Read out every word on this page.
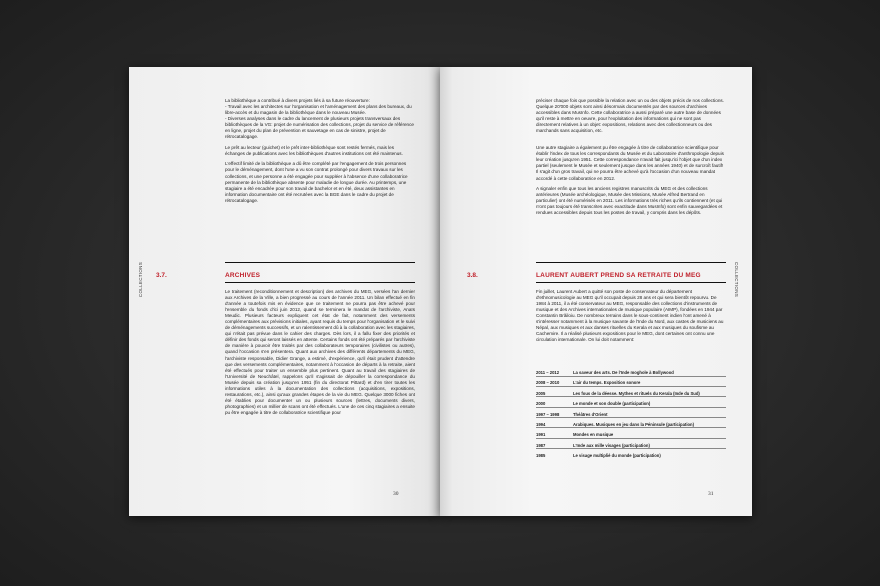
COLLECTIONS

La bibliothèque a contribué à divers projets liés à sa future réouverture:

- Travail avec les architectes sur l'organisation et l'aménagement des plans des bureaux, du libre-accès et du magasin de la bibliothèque dans le nouveau Musée.

- Diverses analyses dans le cadre du lancement de plusieurs projets transversaux des bibliothèques de la VG: projet de numérisation des collections, projet du service de référence en ligne, projet du plan de prévention et sauvetage en cas de sinistre, projet de rétrocatalogage.

Le prêt au lecteur (guichet) et le prêt inter-bibliothèque sont restés fermés, mais les échanges de publications avec les bibliothèques d'autres institutions ont été maintenus.

L'effectif limité de la bibliothèque a dû être complété par l'engagement de trois personnes pour le déménagement, dont l'une a vu son contrat prolongé pour divers travaux sur les collections, et une personne a été engagée pour suppléer à l'absence d'une collaboratrice permanente de la bibliothèque absente pour maladie de longue durée. Au printemps, une stagiaire a été encadrée pour son travail de bachelor et en été, deux assistantes en information documentaire ont été recrutées avec la BGE dans le cadre du projet de rétrocatalogage.

3.7.	ARCHIVES
Le traitement (reconditionnement et description) des archives du MEG, versées l'an dernier aux Archives de la Ville, a bien progressé au cours de l'année 2011. Un bilan effectué en fin d'année a toutefois mis en évidence que ce traitement ne pourra pas être achevé pour l'ensemble du fonds d'ici juin 2012, quand se terminera le mandat de l'archiviste, Anaïs Meudic. Plusieurs facteurs expliquent cet état de fait, notamment des versements complémentaires aux prévisions initiales, ayant requis du temps pour l'organisation et le suivi de déménagements successifs, et un ralentissement dû à la collaboration avec les stagiaires, qui n'était pas prévue dans le cahier des charges. Dès lors, il a fallu fixer des priorités et définir des fonds qui seront laissés en attente. Certains fonds ont été préparés par l'archiviste de manière à pouvoir être traités par des collaborateurs temporaires (civilistes ou autres), quand l'occasion s'en présentera. Quant aux archives des différents départements du MEG, l'archiviste responsable, Didier Grange, a estimé, d'expérience, qu'il était prudent d'attendre que des versements complémentaires, notamment à l'occasion de départs à la retraite, aient été effectués pour traiter un ensemble plus pertinent. Quant au travail des stagiaires de l'Université de Neuchâtel, rappelons qu'il s'agissait de dépouiller la correspondance du Musée depuis sa création jusqu'en 1951 (fin du directorat Pittard) et d'en tirer toutes les informations utiles à la documentation des collections (acquisitions, expositions, restaurations, etc.), ainsi qu'aux grandes étapes de la vie du MEG. Quelque 3000 fiches ont été établies pour documenter un ou plusieurs sources (lettres, documents divers, photographies) et un millier de scans ont été effectués. L'une de ces cinq stagiaires a ensuite pu être engagée à titre de collaboratrice scientifique pour
30
COLLECTIONS

préciser chaque fois que possible la relation avec un ou des objets précis de nos collections. Quelque 20'000 objets sont ainsi désormais documentés par des sources d'archives accessibles dans MusInfo. Cette collaboratrice a aussi préparé une autre base de données qu'il reste à mettre en oeuvre, pour l'exploitation des informations qui ne sont pas directement relatives à un objet: expositions, relations avec des collectionneurs ou des marchands sans acquisition, etc.

Une autre stagiaire a également pu être engagée à titre de collaboratrice scientifique pour établir l'index de tous les correspondants du Musée et du Laboratoire d'anthropologie depuis leur création jusqu'en 1951. Cette correspondance n'avait fait jusqu'ici l'objet que d'un index partiel (seulement le Musée et seulement jusque dans les années 1940) et de surcroît fautif! Il s'agit d'un gros travail, qui ne pourra être achevé qu'à l'occasion d'un nouveau mandat accordé à cette collaboratrice en 2012.

A signaler enfin que tous les anciens registres manuscrits du MEG et des collections antérieures (Musée archéologique, Musée des Missions, Musée Alfred Bertrand en particulier) ont été numérisés en 2011. Les informations très riches qu'ils contiennent (et qui n'ont pas toujours été transcrites avec exactitude dans MusInfo) sont enfin sauvegardées et rendues accessibles depuis tous les postes de travail, y compris dans les dépôts.

3.8.	LAURENT AUBERT PREND SA RETRAITE DU MEG
Fin juillet, Laurent Aubert a quitté son poste de conservateur du département d'ethnomusicologie au MEG qu'il occupait depuis 28 ans et qui sera bientôt repourvu. De 1984 à 2011, il a été conservateur au MEG, responsable des collections d'instruments de musique et des Archives internationales de musique populaire (AIMP), fondées en 1944 par Constantin Brăiloiu. De nombreux terrains dans le sous-continent indien l'ont amené à s'intéresser notamment à la musique savante de l'Inde du Nord, aux castes de musiciens au Népal, aux musiques et aux danses rituelles du Kerala et aux musiques du soufisme au Cachemire. Il a réalisé plusieurs expositions pour le MEG, dont certaines ont connu une circulation internationale. On lui doit notamment:
2011 – 2012	La saveur des arts. De l'Inde moghole à Bollywood
2008 – 2010	L'air du temps. Exposition sonore
2005	Les fous de la déesse. Mythes et rituels du Kerala (Inde du Sud)
2000	Le monde et son double (participation)
1997 – 1998	Théâtres d'Orient
1994	Arabiques. Musiques en jeu dans la Péninsule (participation)
1991	Mondes en musique
1987	L'Inde aux mille visages (participation)
1985	Le visage multiplié du monde (participation)
31
